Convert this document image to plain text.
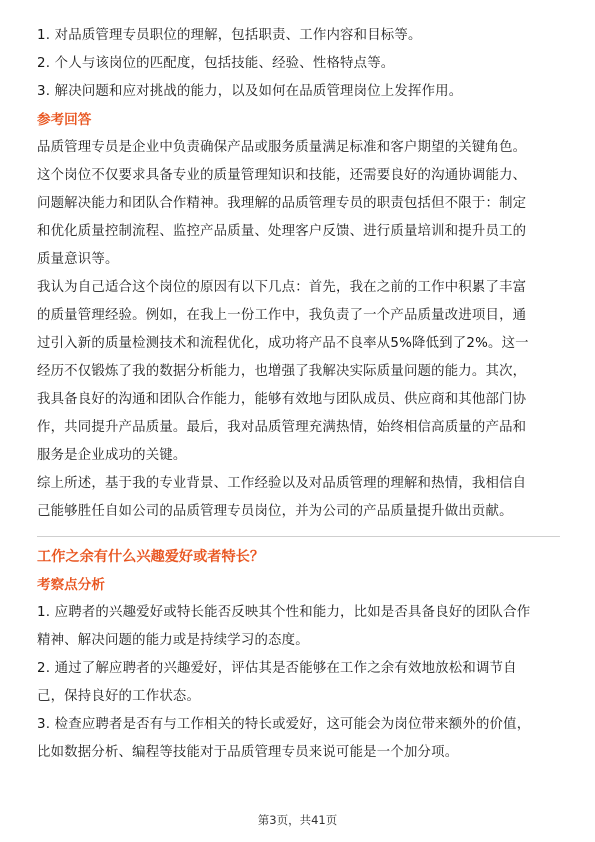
1. 对品质管理专员职位的理解，包括职责、工作内容和目标等。
2. 个人与该岗位的匹配度，包括技能、经验、性格特点等。
3. 解决问题和应对挑战的能力，以及如何在品质管理岗位上发挥作用。
参考回答
品质管理专员是企业中负责确保产品或服务质量满足标准和客户期望的关键角色。
这个岗位不仅要求具备专业的质量管理知识和技能，还需要良好的沟通协调能力、
问题解决能力和团队合作精神。我理解的品质管理专员的职责包括但不限于：制定
和优化质量控制流程、监控产品质量、处理客户反馈、进行质量培训和提升员工的
质量意识等。
我认为自己适合这个岗位的原因有以下几点：首先，我在之前的工作中积累了丰富
的质量管理经验。例如，在我上一份工作中，我负责了一个产品质量改进项目，通
过引入新的质量检测技术和流程优化，成功将产品不良率从5%降低到了2%。这一
经历不仅锻炼了我的数据分析能力，也增强了我解决实际质量问题的能力。其次，
我具备良好的沟通和团队合作能力，能够有效地与团队成员、供应商和其他部门协
作，共同提升产品质量。最后，我对品质管理充满热情，始终相信高质量的产品和
服务是企业成功的关键。
综上所述，基于我的专业背景、工作经验以及对品质管理的理解和热情，我相信自
己能够胜任自如公司的品质管理专员岗位，并为公司的产品质量提升做出贡献。
工作之余有什么兴趣爱好或者特长？
考察点分析
1. 应聘者的兴趣爱好或特长能否反映其个性和能力，比如是否具备良好的团队合作
精神、解决问题的能力或是持续学习的态度。
2. 通过了解应聘者的兴趣爱好，评估其是否能够在工作之余有效地放松和调节自
己，保持良好的工作状态。
3. 检查应聘者是否有与工作相关的特长或爱好，这可能会为岗位带来额外的价值，
比如数据分析、编程等技能对于品质管理专员来说可能是一个加分项。
第3页，共41页
